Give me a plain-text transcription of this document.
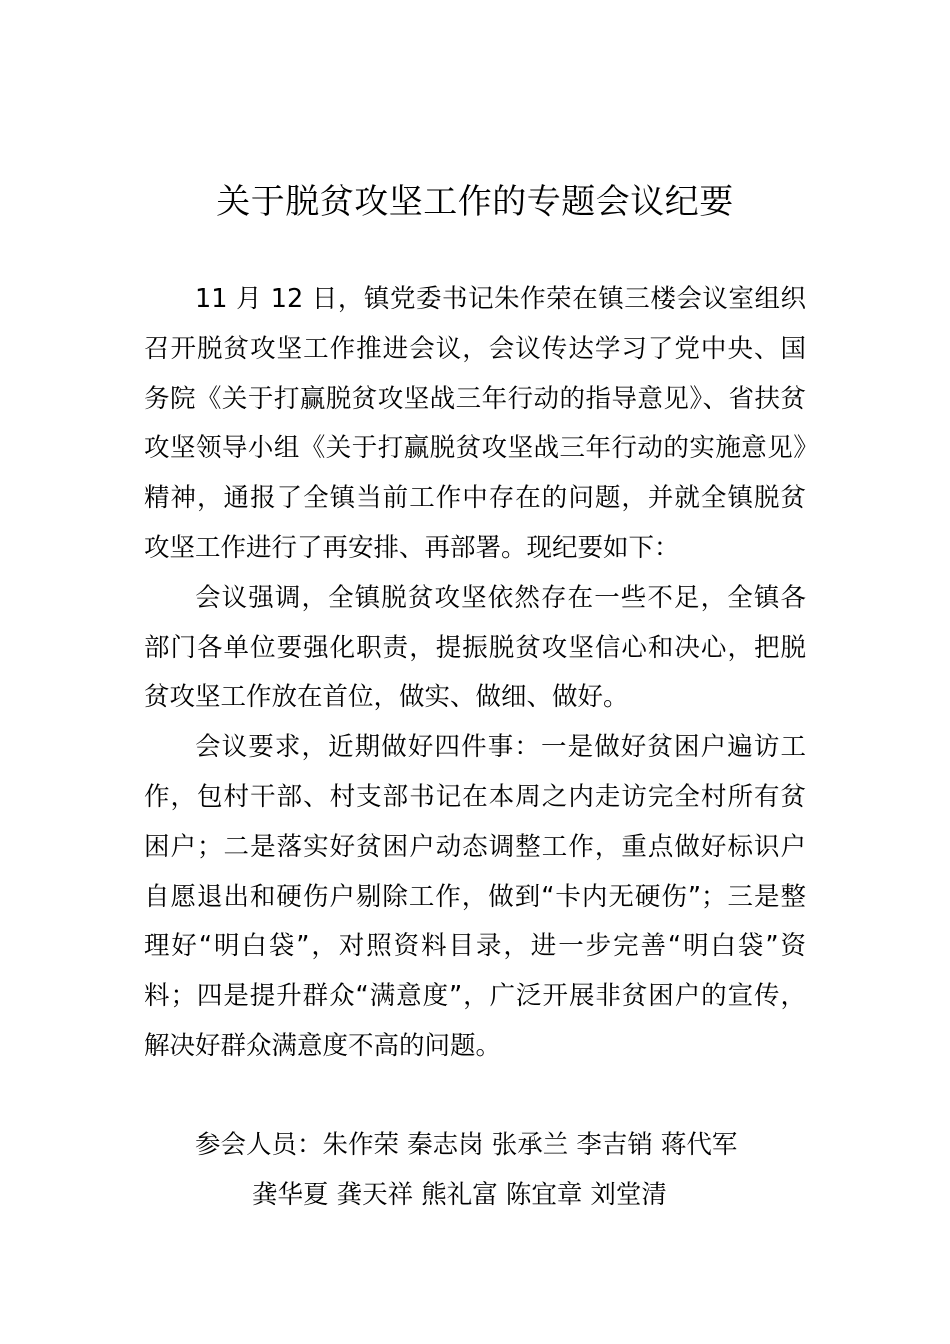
关于脱贫攻坚工作的专题会议纪要

11 月 12 日，镇党委书记朱作荣在镇三楼会议室组织召开脱贫攻坚工作推进会议，会议传达学习了党中央、国务院《关于打赢脱贫攻坚战三年行动的指导意见》、省扶贫攻坚领导小组《关于打赢脱贫攻坚战三年行动的实施意见》精神，通报了全镇当前工作中存在的问题，并就全镇脱贫攻坚工作进行了再安排、再部署。现纪要如下：

会议强调，全镇脱贫攻坚依然存在一些不足，全镇各部门各单位要强化职责，提振脱贫攻坚信心和决心，把脱贫攻坚工作放在首位，做实、做细、做好。

会议要求，近期做好四件事：一是做好贫困户遍访工作，包村干部、村支部书记在本周之内走访完全村所有贫困户；二是落实好贫困户动态调整工作，重点做好标识户自愿退出和硬伤户剔除工作，做到“卡内无硬伤”；三是整理好“明白袋”，对照资料目录，进一步完善“明白袋”资料；四是提升群众“满意度”，广泛开展非贫困户的宣传，解决好群众满意度不高的问题。

参会人员：朱作荣 秦志岗 张承兰 李吉销 蒋代军
龚华夏 龚天祥 熊礼富 陈宜章 刘堂清
